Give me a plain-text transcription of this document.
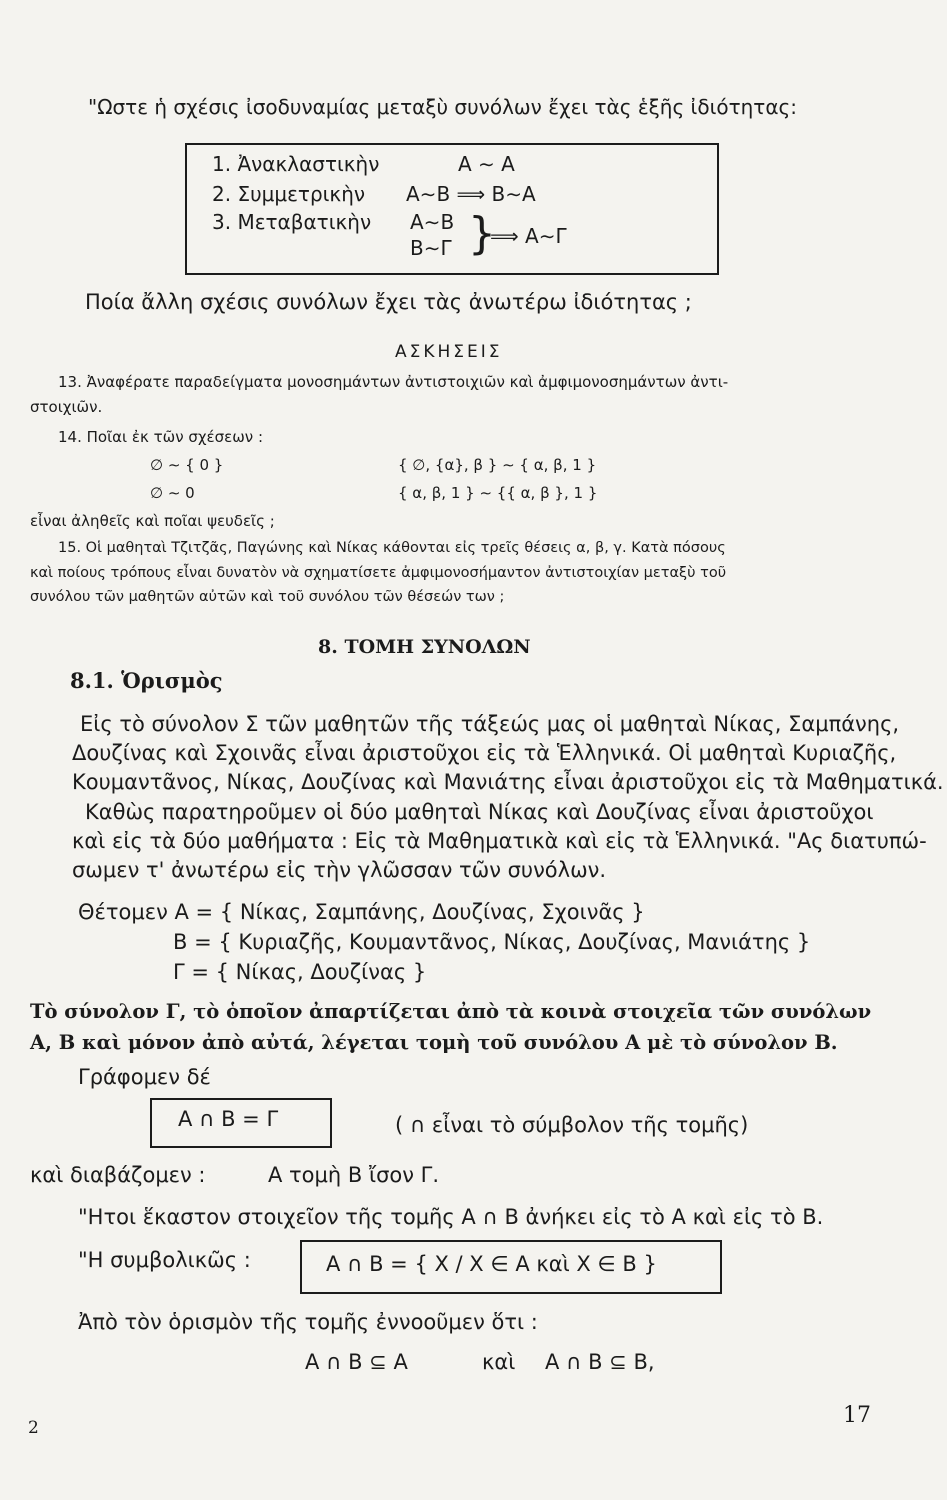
"Ωστε ἡ σχέσις ἰσοδυναμίας μεταξὺ συνόλων ἔχει τὰς ἑξῆς ἰδιότητας:
1. Ἀνακλαστικὴν	A ∼ A
2. Συμμετρικὴν A∼B ⟹ B∼A
3. Μεταβατικὴν A∼B
B∼Γ }
⟹ A∼Γ
Ποία ἄλλη σχέσις συνόλων ἔχει τὰς ἀνωτέρω ἰδιότητας ;
ΑΣΚΗΣΕΙΣ
13. Ἀναφέρατε παραδείγματα μονοσημάντων ἀντιστοιχιῶν καὶ ἀμφιμονοσημάντων ἀντι-
στοιχιῶν.
14. Ποῖαι ἐκ τῶν σχέσεων :
∅ ∼ { 0 }	{ ∅, {α}, β } ∼ { α, β, 1 }
∅ ∼ 0	{ α, β, 1 } ∼ {{ α, β }, 1 }
εἶναι ἀληθεῖς καὶ ποῖαι ψευδεῖς ;
15. Οἱ μαθηταὶ Τζιτζᾶς, Παγώνης καὶ Νίκας κάθονται εἰς τρεῖς θέσεις α, β, γ. Κατὰ πόσους
καὶ ποίους τρόπους εἶναι δυνατὸν νὰ σχηματίσετε ἀμφιμονοσήμαντον ἀντιστοιχίαν μεταξὺ τοῦ
συνόλου τῶν μαθητῶν αὐτῶν καὶ τοῦ συνόλου τῶν θέσεών των ;
8. ΤΟΜΗ ΣΥΝΟΛΩΝ
8.1. Ὁρισμὸς
Εἰς τὸ σύνολον Σ τῶν μαθητῶν τῆς τάξεώς μας οἱ μαθηταὶ Νίκας, Σαμπάνης,
Δουζίνας καὶ Σχοινᾶς εἶναι ἀριστοῦχοι εἰς τὰ Ἑλληνικά. Οἱ μαθηταὶ Κυριαζῆς,
Κουμαντᾶνος, Νίκας, Δουζίνας καὶ Μανιάτης εἶναι ἀριστοῦχοι εἰς τὰ Μαθηματικά.
Καθὼς παρατηροῦμεν οἱ δύο μαθηταὶ Νίκας καὶ Δουζίνας εἶναι ἀριστοῦχοι
καὶ εἰς τὰ δύο μαθήματα : Εἰς τὰ Μαθηματικὰ καὶ εἰς τὰ Ἑλληνικά. "Ας διατυπώ-
σωμεν τ' ἀνωτέρω εἰς τὴν γλῶσσαν τῶν συνόλων.
Θέτομεν A = { Νίκας, Σαμπάνης, Δουζίνας, Σχοινᾶς }
B = { Κυριαζῆς, Κουμαντᾶνος, Νίκας, Δουζίνας, Μανιάτης }
Γ = { Νίκας, Δουζίνας }
Τὸ σύνολον Γ, τὸ ὁποῖον ἀπαρτίζεται ἀπὸ τὰ κοινὰ στοιχεῖα τῶν συνόλων
A, B καὶ μόνον ἀπὸ αὐτά, λέγεται τομὴ τοῦ συνόλου A μὲ τὸ σύνολον B.
Γράφομεν δέ
A ∩ B = Γ	( ∩ εἶναι τὸ σύμβολον τῆς τομῆς)
καὶ διαβάζομεν :	A τομὴ B ἴσον Γ.
"Ητοι ἕκαστον στοιχεῖον τῆς τομῆς A ∩ B ἀνήκει εἰς τὸ A καὶ εἰς τὸ B.
"Η συμβολικῶς :	A ∩ B = { X / X ∈ A καὶ X ∈ B }
Ἀπὸ τὸν ὁρισμὸν τῆς τομῆς ἐννοοῦμεν ὅτι :
A ∩ B ⊆ A	καὶ A ∩ B ⊆ B,
2	17
